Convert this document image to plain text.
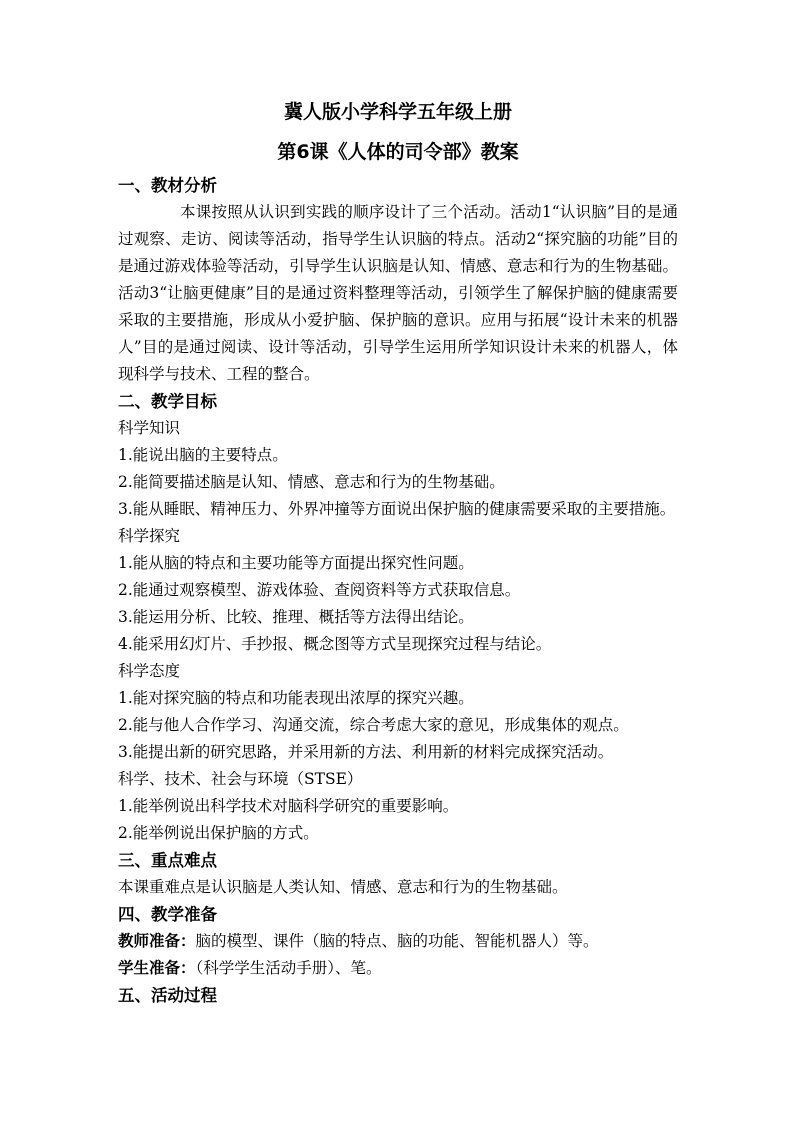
冀人版小学科学五年级上册

第6课《人体的司令部》教案

一、教材分析

本课按照从认识到实践的顺序设计了三个活动。活动1“认识脑”目的是通过观察、走访、阅读等活动，指导学生认识脑的特点。活动2“探究脑的功能”目的是通过游戏体验等活动，引导学生认识脑是认知、情感、意志和行为的生物基础。活动3“让脑更健康”目的是通过资料整理等活动，引领学生了解保护脑的健康需要采取的主要措施，形成从小爱护脑、保护脑的意识。应用与拓展“设计未来的机器人”目的是通过阅读、设计等活动，引导学生运用所学知识设计未来的机器人，体现科学与技术、工程的整合。

二、教学目标

科学知识

1.能说出脑的主要特点。
2.能简要描述脑是认知、情感、意志和行为的生物基础。
3.能从睡眠、精神压力、外界冲撞等方面说出保护脑的健康需要采取的主要措施。

科学探究

1.能从脑的特点和主要功能等方面提出探究性问题。
2.能通过观察模型、游戏体验、查阅资料等方式获取信息。
3.能运用分析、比较、推理、概括等方法得出结论。
4.能采用幻灯片、手抄报、概念图等方式呈现探究过程与结论。

科学态度

1.能对探究脑的特点和功能表现出浓厚的探究兴趣。
2.能与他人合作学习、沟通交流，综合考虑大家的意见，形成集体的观点。
3.能提出新的研究思路，并采用新的方法、利用新的材料完成探究活动。

科学、技术、社会与环境（STSE）

1.能举例说出科学技术对脑科学研究的重要影响。
2.能举例说出保护脑的方式。

三、重点难点

本课重难点是认识脑是人类认知、情感、意志和行为的生物基础。

四、教学准备

教师准备：脑的模型、课件（脑的特点、脑的功能、智能机器人）等。

学生准备：（科学学生活动手册）、笔。

五、活动过程
